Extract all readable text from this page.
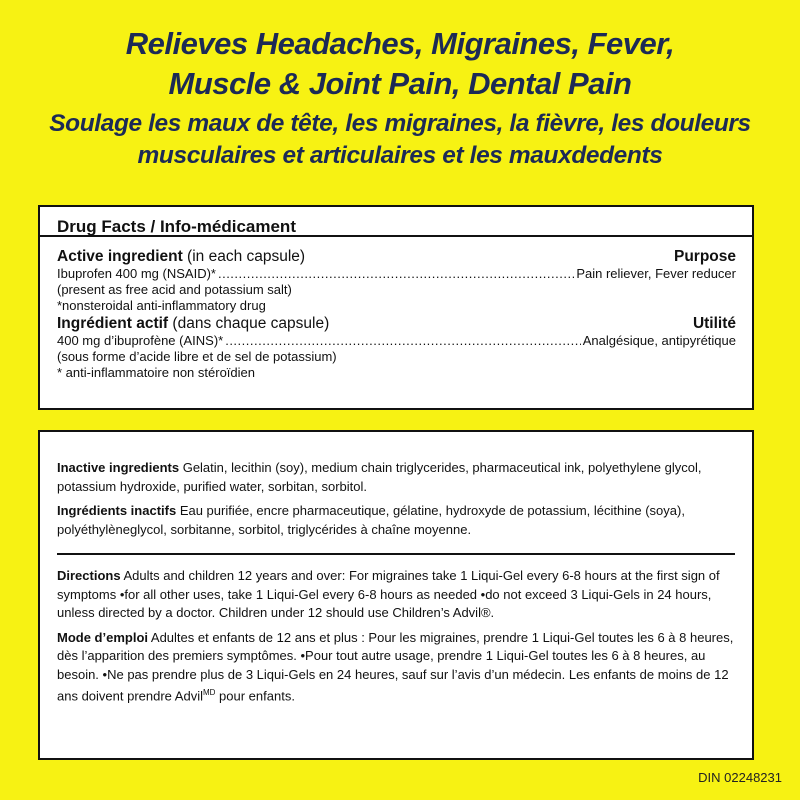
Relieves Headaches, Migraines, Fever,
Muscle & Joint Pain, Dental Pain
Soulage les maux de tête, les migraines, la fièvre, les douleurs
musculaires et articulaires et les mauxdedents
Drug Facts / Info-médicament
Active ingredient (in each capsule)	Purpose
Ibuprofen 400 mg (NSAID)* .....	Pain reliever, Fever reducer
(present as free acid and potassium salt)
*nonsteroidal anti-inflammatory drug
Ingrédient actif (dans chaque capsule)	Utilité
400 mg d’ibuprofène (AINS)* .....	Analgésique, antipyrétique
(sous forme d’acide libre et de sel de potassium)
* anti-inflammatoire non stéroïdien
Inactive ingredients Gelatin, lecithin (soy), medium chain triglycerides, pharmaceutical ink, polyethylene glycol, potassium hydroxide, purified water, sorbitan, sorbitol.
Ingrédients inactifs Eau purifiée, encre pharmaceutique, gélatine, hydroxyde de potassium, lécithine (soya), polyéthylèneglycol, sorbitanne, sorbitol, triglycérides à chaîne moyenne.
Directions Adults and children 12 years and over: For migraines take 1 Liqui-Gel every 6-8 hours at the first sign of symptoms •for all other uses, take 1 Liqui-Gel every 6-8 hours as needed •do not exceed 3 Liqui-Gels in 24 hours, unless directed by a doctor. Children under 12 should use Children’s Advil®.
Mode d’emploi Adultes et enfants de 12 ans et plus : Pour les migraines, prendre 1 Liqui-Gel toutes les 6 à 8 heures, dès l’apparition des premiers symptômes. •Pour tout autre usage, prendre 1 Liqui-Gel toutes les 6 à 8 heures, au besoin. •Ne pas prendre plus de 3 Liqui-Gels en 24 heures, sauf sur l’avis d’un médecin. Les enfants de moins de 12 ans doivent prendre Advil$^{MD}$ pour enfants.
DIN 02248231
